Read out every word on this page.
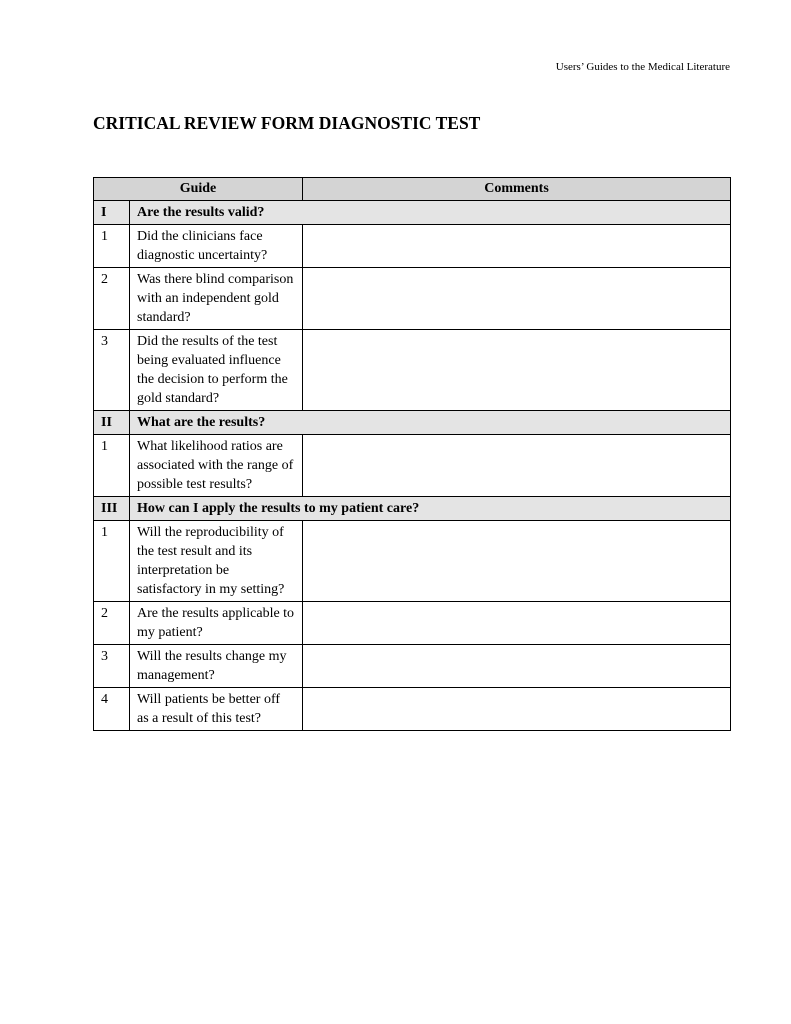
Users’ Guides to the Medical Literature
CRITICAL REVIEW FORM DIAGNOSTIC TEST
Guide		Comments
I	Are the results valid?	
1	Did the clinicians face diagnostic uncertainty?	
2	Was there blind comparison with an independent gold standard?	
3	Did the results of the test being evaluated influence the decision to perform the gold standard?	
II	What are the results?	
1	What likelihood ratios are associated with the range of possible test results?	
III	How can I apply the results to my patient care?	
1	Will the reproducibility of the test result and its interpretation be satisfactory in my setting?	
2	Are the results applicable to my patient?	
3	Will the results change my management?	
4	Will patients be better off as a result of this test?	
